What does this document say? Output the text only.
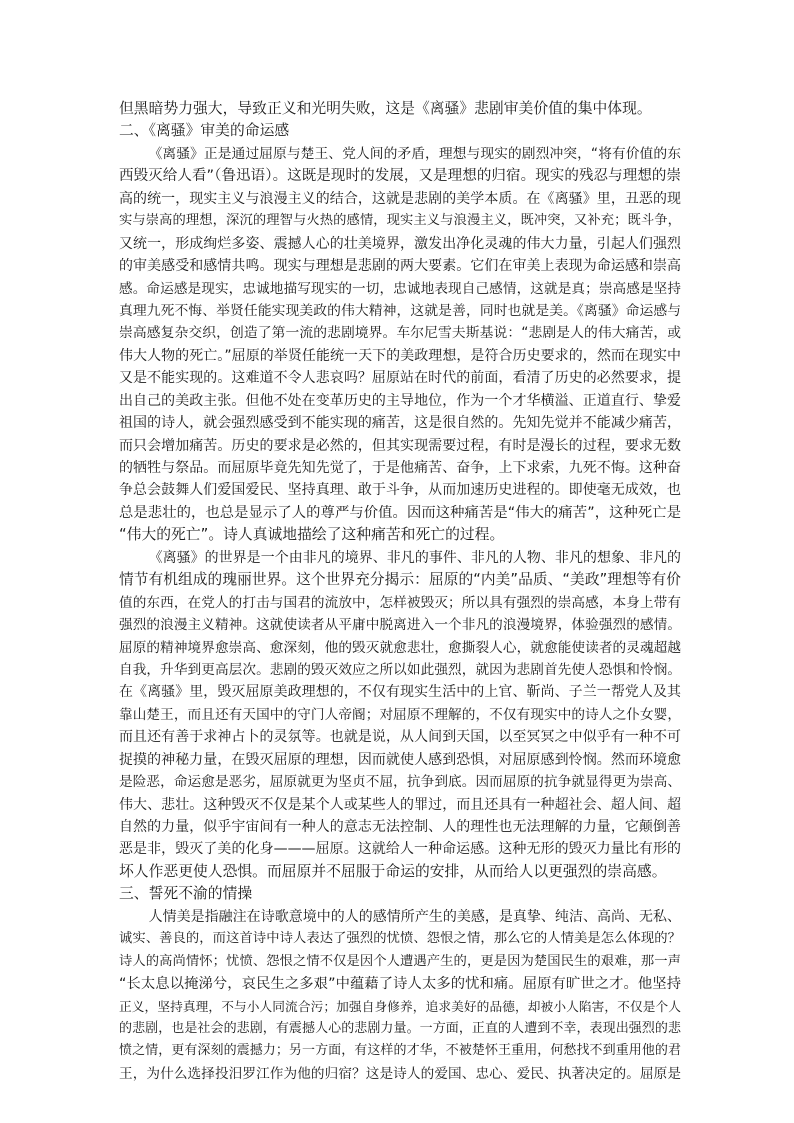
但黑暗势力强大，导致正义和光明失败，这是《离骚》悲剧审美价值的集中体现。
二、《离骚》审美的命运感
《离骚》正是通过屈原与楚王、党人间的矛盾，理想与现实的剧烈冲突，“将有价值的东
西毁灭给人看”（鲁迅语）。这既是现时的发展，又是理想的归宿。现实的残忍与理想的崇
高的统一，现实主义与浪漫主义的结合，这就是悲剧的美学本质。在《离骚》里，丑恶的现
实与崇高的理想，深沉的理智与火热的感情，现实主义与浪漫主义，既冲突，又补充；既斗争，
又统一，形成绚烂多姿、震撼人心的壮美境界，激发出净化灵魂的伟大力量，引起人们强烈
的审美感受和感情共鸣。现实与理想是悲剧的两大要素。它们在审美上表现为命运感和崇高
感。命运感是现实，忠诚地描写现实的一切，忠诚地表现自己感情，这就是真；崇高感是坚持
真理九死不悔、举贤任能实现美政的伟大精神，这就是善，同时也就是美。《离骚》命运感与
崇高感复杂交织，创造了第一流的悲剧境界。车尔尼雪夫斯基说：“悲剧是人的伟大痛苦，或
伟大人物的死亡。”屈原的举贤任能统一天下的美政理想，是符合历史要求的，然而在现实中
又是不能实现的。这难道不令人悲哀吗？屈原站在时代的前面，看清了历史的必然要求，提
出自己的美政主张。但他不处在变革历史的主导地位，作为一个才华横溢、正道直行、挚爱
祖国的诗人，就会强烈感受到不能实现的痛苦，这是很自然的。先知先觉并不能减少痛苦，
而只会增加痛苦。历史的要求是必然的，但其实现需要过程，有时是漫长的过程，要求无数
的牺牲与祭品。而屈原毕竟先知先觉了，于是他痛苦、奋争，上下求索，九死不悔。这种奋
争总会鼓舞人们爱国爱民、坚持真理、敢于斗争，从而加速历史进程的。即使毫无成效，也
总是悲壮的，也总是显示了人的尊严与价值。因而这种痛苦是“伟大的痛苦”，这种死亡是
“伟大的死亡”。诗人真诚地描绘了这种痛苦和死亡的过程。
《离骚》的世界是一个由非凡的境界、非凡的事件、非凡的人物、非凡的想象、非凡的
情节有机组成的瑰丽世界。这个世界充分揭示：屈原的“内美”品质、“美政”理想等有价
值的东西，在党人的打击与国君的流放中，怎样被毁灭；所以具有强烈的崇高感，本身上带有
强烈的浪漫主义精神。这就使读者从平庸中脱离进入一个非凡的浪漫境界，体验强烈的感情。
屈原的精神境界愈崇高、愈深刻，他的毁灭就愈悲壮，愈撕裂人心，就愈能使读者的灵魂超越
自我，升华到更高层次。悲剧的毁灭效应之所以如此强烈，就因为悲剧首先使人恐惧和怜悯。
在《离骚》里，毁灭屈原美政理想的，不仅有现实生活中的上官、靳尚、子兰一帮党人及其
靠山楚王，而且还有天国中的守门人帝阍；对屈原不理解的，不仅有现实中的诗人之仆女婴，
而且还有善于求神占卜的灵氛等。也就是说，从人间到天国，以至冥冥之中似乎有一种不可
捉摸的神秘力量，在毁灭屈原的理想，因而就使人感到恐惧，对屈原感到怜悯。然而环境愈
是险恶，命运愈是恶劣，屈原就更为坚贞不屈，抗争到底。因而屈原的抗争就显得更为崇高、
伟大、悲壮。这种毁灭不仅是某个人或某些人的罪过，而且还具有一种超社会、超人间、超
自然的力量，似乎宇宙间有一种人的意志无法控制、人的理性也无法理解的力量，它颠倒善
恶是非，毁灭了美的化身———屈原。这就给人一种命运感。这种无形的毁灭力量比有形的
坏人作恶更使人恐惧。而屈原并不屈服于命运的安排，从而给人以更强烈的崇高感。
三、誓死不渝的情操
人情美是指融注在诗歌意境中的人的感情所产生的美感，是真挚、纯洁、高尚、无私、
诚实、善良的，而这首诗中诗人表达了强烈的忧愤、怨恨之情，那么它的人情美是怎么体现的？
诗人的高尚情怀；忧愤、怨恨之情不仅是因个人遭遇产生的，更是因为楚国民生的艰难，那一声
“长太息以掩涕兮，哀民生之多艰”中蕴藉了诗人太多的忧和痛。屈原有旷世之才。他坚持
正义，坚持真理，不与小人同流合污；加强自身修养，追求美好的品德，却被小人陷害，不仅是个人
的悲剧，也是社会的悲剧，有震撼人心的悲剧力量。一方面，正直的人遭到不幸，表现出强烈的悲
愤之情，更有深刻的震撼力；另一方面，有这样的才华，不被楚怀王重用，何愁找不到重用他的君
王，为什么选择投汨罗江作为他的归宿？这是诗人的爱国、忠心、爱民、执著决定的。屈原是
